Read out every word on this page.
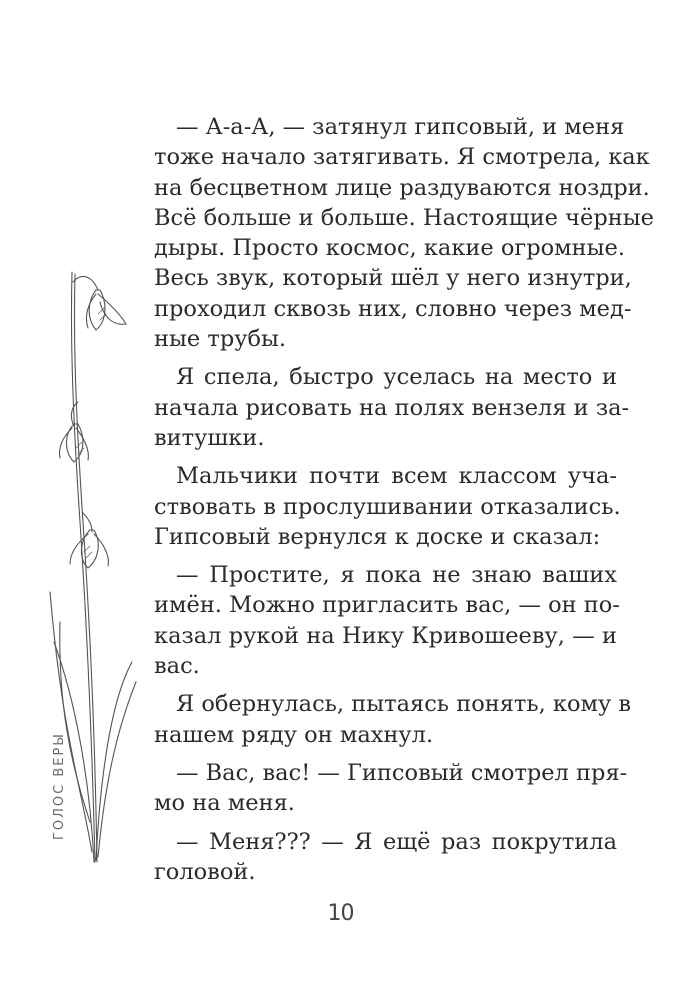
ГОЛОС ВЕРЫ
— А-а-А, — затянул гипсовый, и меня
тоже начало затягивать. Я смотрела, как
на бесцветном лице раздуваются ноздри.
Всё больше и больше. Настоящие чёрные
дыры. Просто космос, какие огромные.
Весь звук, который шёл у него изнутри,
проходил сквозь них, словно через мед-
ные трубы.
Я спела, быстро уселась на место и
начала рисовать на полях вензеля и за-
витушки.
Мальчики почти всем классом уча-
ствовать в прослушивании отказались.
Гипсовый вернулся к доске и сказал:
— Простите, я пока не знаю ваших
имён. Можно пригласить вас, — он по-
казал рукой на Нику Кривошееву, — и
вас.
Я обернулась, пытаясь понять, кому в
нашем ряду он махнул.
— Вас, вас! — Гипсовый смотрел пря-
мо на меня.
— Меня??? — Я ещё раз покрутила
головой.
10
